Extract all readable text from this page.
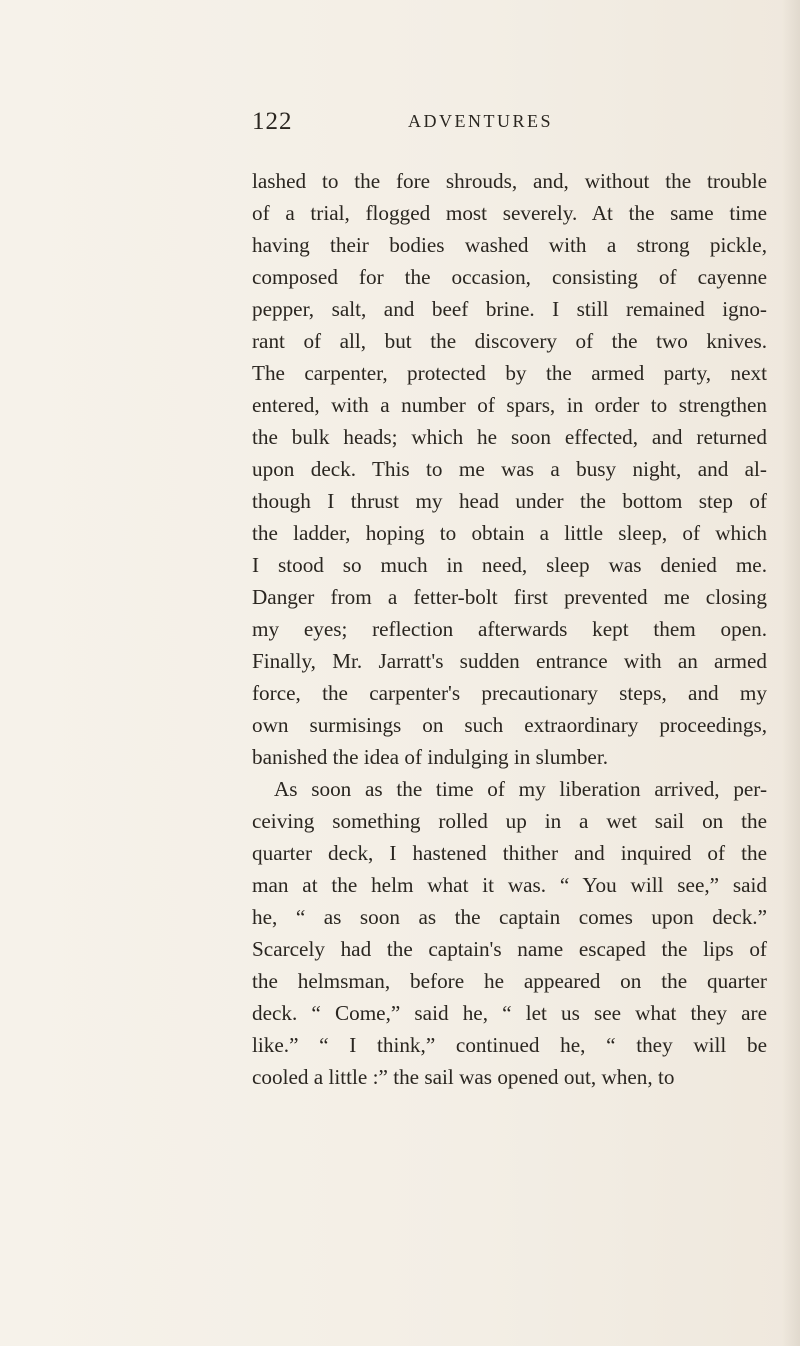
122	ADVENTURES
lashed to the fore shrouds, and, without the trouble
of a trial, flogged most severely. At the same time
having their bodies washed with a strong pickle,
composed for the occasion, consisting of cayenne
pepper, salt, and beef brine. I still remained igno-
rant of all, but the discovery of the two knives.
The carpenter, protected by the armed party, next
entered, with a number of spars, in order to strengthen
the bulk heads; which he soon effected, and returned
upon deck. This to me was a busy night, and al-
though I thrust my head under the bottom step of
the ladder, hoping to obtain a little sleep, of which
I stood so much in need, sleep was denied me.
Danger from a fetter-bolt first prevented me closing
my eyes; reflection afterwards kept them open.
Finally, Mr. Jarratt's sudden entrance with an armed
force, the carpenter's precautionary steps, and my
own surmisings on such extraordinary proceedings,
banished the idea of indulging in slumber.
As soon as the time of my liberation arrived, per-
ceiving something rolled up in a wet sail on the
quarter deck, I hastened thither and inquired of the
man at the helm what it was. “ You will see,” said
he, “ as soon as the captain comes upon deck.”
Scarcely had the captain's name escaped the lips of
the helmsman, before he appeared on the quarter
deck. “ Come,” said he, “ let us see what they are
like.” “ I think,” continued he, “ they will be
cooled a little :” the sail was opened out, when, to
